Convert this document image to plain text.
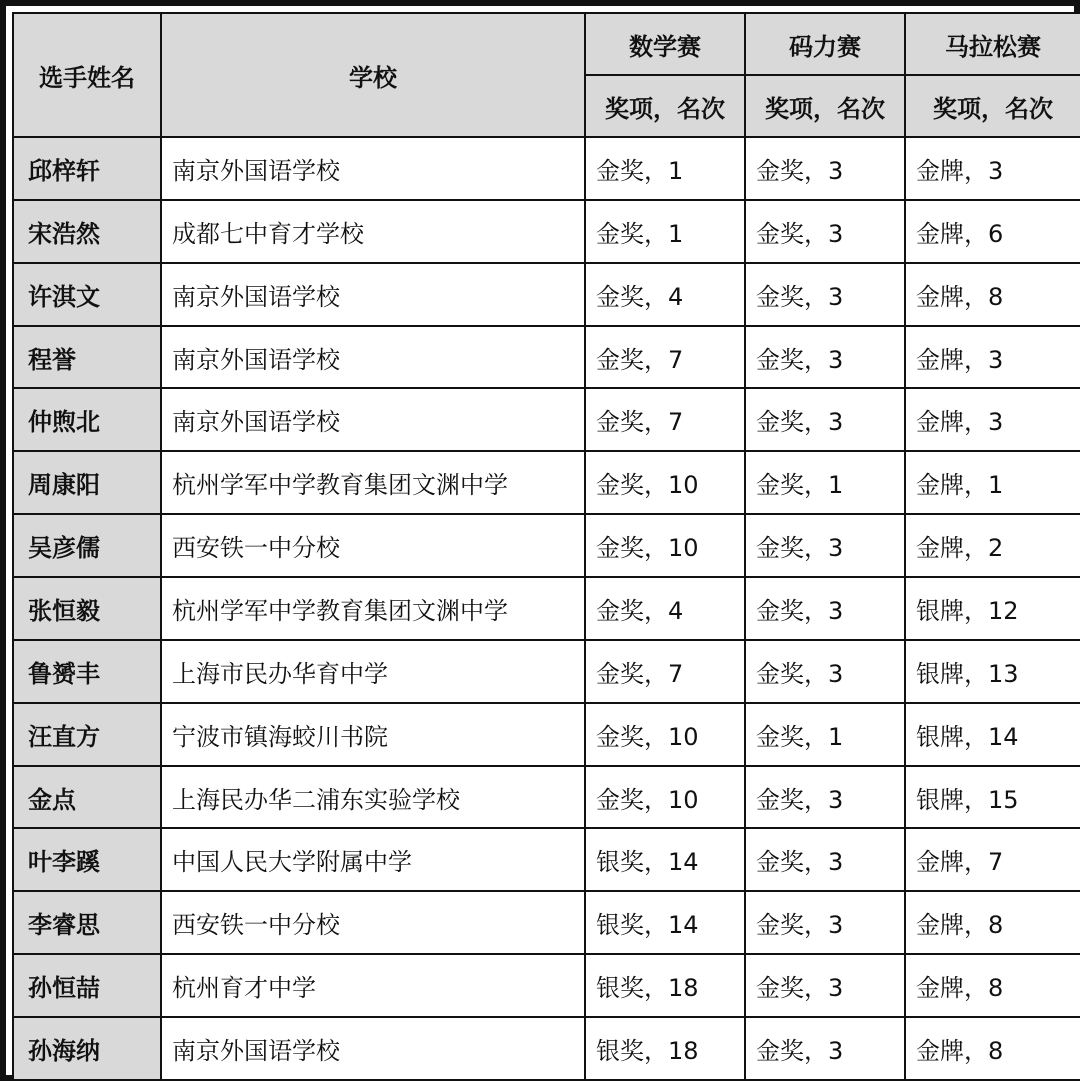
选手姓名	学校	数学赛	码力赛	马拉松赛
		奖项，名次	奖项，名次	奖项，名次
邱梓轩	南京外国语学校	金奖，1	金奖，3	金牌，3
宋浩然	成都七中育才学校	金奖，1	金奖，3	金牌，6
许淇文	南京外国语学校	金奖，4	金奖，3	金牌，8
程誉	南京外国语学校	金奖，7	金奖，3	金牌，3
仲煦北	南京外国语学校	金奖，7	金奖，3	金牌，3
周康阳	杭州学军中学教育集团文渊中学	金奖，10	金奖，1	金牌，1
吴彦儒	西安铁一中分校	金奖，10	金奖，3	金牌，2
张恒毅	杭州学军中学教育集团文渊中学	金奖，4	金奖，3	银牌，12
鲁赟丰	上海市民办华育中学	金奖，7	金奖，3	银牌，13
汪直方	宁波市镇海蛟川书院	金奖，10	金奖，1	银牌，14
金点	上海民办华二浦东实验学校	金奖，10	金奖，3	银牌，15
叶李蹊	中国人民大学附属中学	银奖，14	金奖，3	金牌，7
李睿思	西安铁一中分校	银奖，14	金奖，3	金牌，8
孙恒喆	杭州育才中学	银奖，18	金奖，3	金牌，8
孙海纳	南京外国语学校	银奖，18	金奖，3	金牌，8
